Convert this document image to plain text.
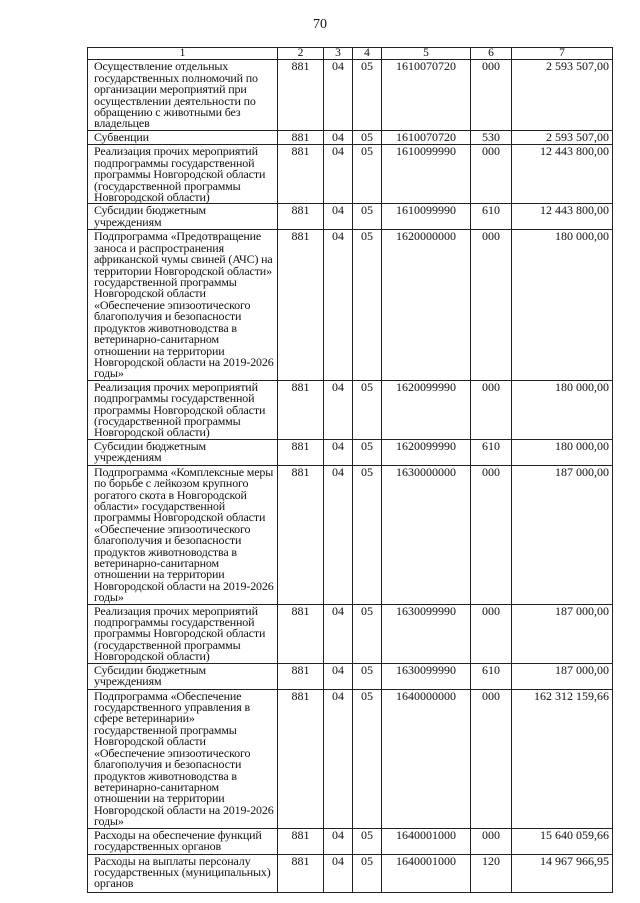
70
1	2	3	4	5	6	7
Осуществление отдельных государственных полномочий по организации мероприятий при осуществлении деятельности по обращению с животными без владельцев	881	04	05	1610070720	000	2 593 507,00
Субвенции	881	04	05	1610070720	530	2 593 507,00
Реализация прочих мероприятий подпрограммы государственной программы Новгородской области (государственной программы Новгородской области)	881	04	05	1610099990	000	12 443 800,00
Субсидии бюджетным учреждениям	881	04	05	1610099990	610	12 443 800,00
Подпрограмма «Предотвращение заноса и распространения африканской чумы свиней (АЧС) на территории Новгородской области» государственной программы Новгородской области «Обеспечение эпизоотического благополучия и безопасности продуктов животноводства в ветеринарно-санитарном отношении на территории Новгородской области на 2019-2026 годы»	881	04	05	1620000000	000	180 000,00
Реализация прочих мероприятий подпрограммы государственной программы Новгородской области (государственной программы Новгородской области)	881	04	05	1620099990	000	180 000,00
Субсидии бюджетным учреждениям	881	04	05	1620099990	610	180 000,00
Подпрограмма «Комплексные меры по борьбе с лейкозом крупного рогатого скота в Новгородской области» государственной программы Новгородской области «Обеспечение эпизоотического благополучия и безопасности продуктов животноводства в ветеринарно-санитарном отношении на территории Новгородской области на 2019-2026 годы»	881	04	05	1630000000	000	187 000,00
Реализация прочих мероприятий подпрограммы государственной программы Новгородской области (государственной программы Новгородской области)	881	04	05	1630099990	000	187 000,00
Субсидии бюджетным учреждениям	881	04	05	1630099990	610	187 000,00
Подпрограмма «Обеспечение государственного управления в сфере ветеринарии» государственной программы Новгородской области «Обеспечение эпизоотического благополучия и безопасности продуктов животноводства в ветеринарно-санитарном отношении на территории Новгородской области на 2019-2026 годы»	881	04	05	1640000000	000	162 312 159,66
Расходы на обеспечение функций государственных органов	881	04	05	1640001000	000	15 640 059,66
Расходы на выплаты персоналу государственных (муниципальных) органов	881	04	05	1640001000	120	14 967 966,95
